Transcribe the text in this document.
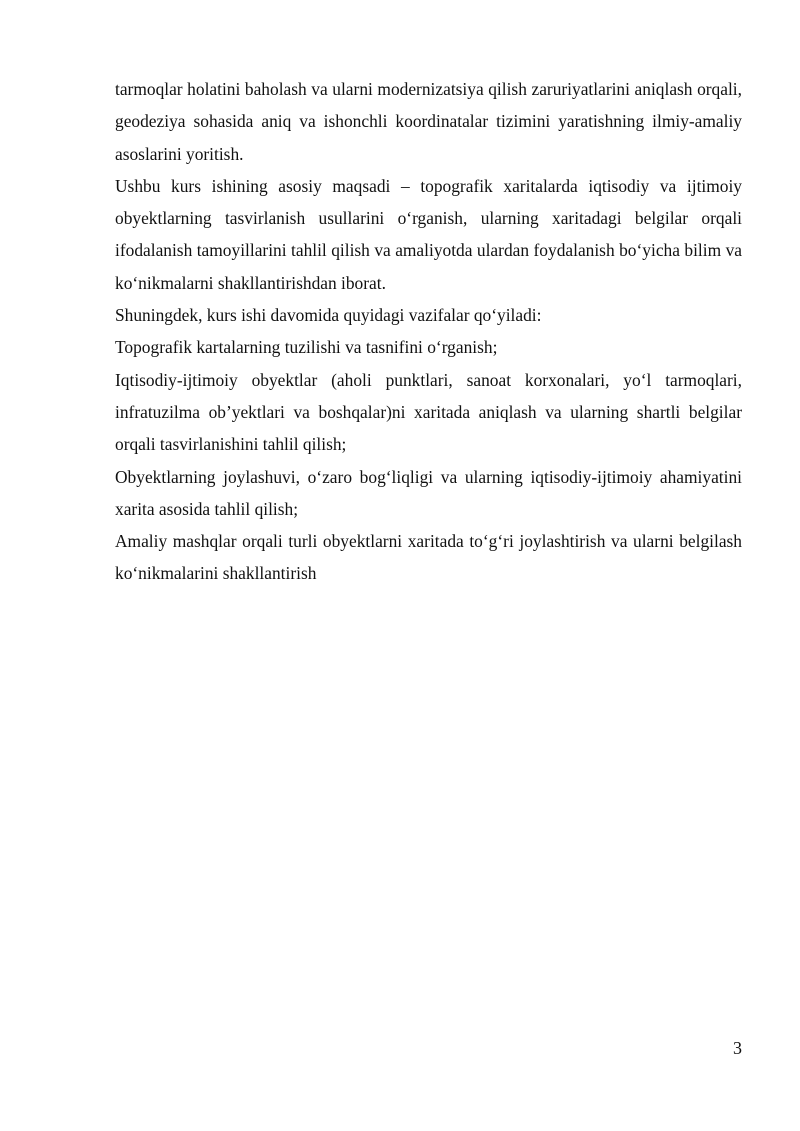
tarmoqlar holatini baholash va ularni modernizatsiya qilish zaruriyatlarini aniqlash orqali, geodeziya sohasida aniq va ishonchli koordinatalar tizimini yaratishning ilmiy-amaliy asoslarini yoritish.

Ushbu kurs ishining asosiy maqsadi – topografik xaritalarda iqtisodiy va ijtimoiy obyektlarning tasvirlanish usullarini o‘rganish, ularning xaritadagi belgilar orqali ifodalanish tamoyillarini tahlil qilish va amaliyotda ulardan foydalanish bo‘yicha bilim va ko‘nikmalarni shakllantirishdan iborat.

Shuningdek, kurs ishi davomida quyidagi vazifalar qo‘yiladi:

Topografik kartalarning tuzilishi va tasnifini o‘rganish;

Iqtisodiy-ijtimoiy obyektlar (aholi punktlari, sanoat korxonalari, yo‘l tarmoqlari, infratuzilma ob’yektlari va boshqalar)ni xaritada aniqlash va ularning shartli belgilar orqali tasvirlanishini tahlil qilish;

Obyektlarning joylashuvi, o‘zaro bog‘liqligi va ularning iqtisodiy-ijtimoiy ahamiyatini xarita asosida tahlil qilish;

Amaliy mashqlar orqali turli obyektlarni xaritada to‘g‘ri joylashtirish va ularni belgilash ko‘nikmalarini shakllantirish

3
